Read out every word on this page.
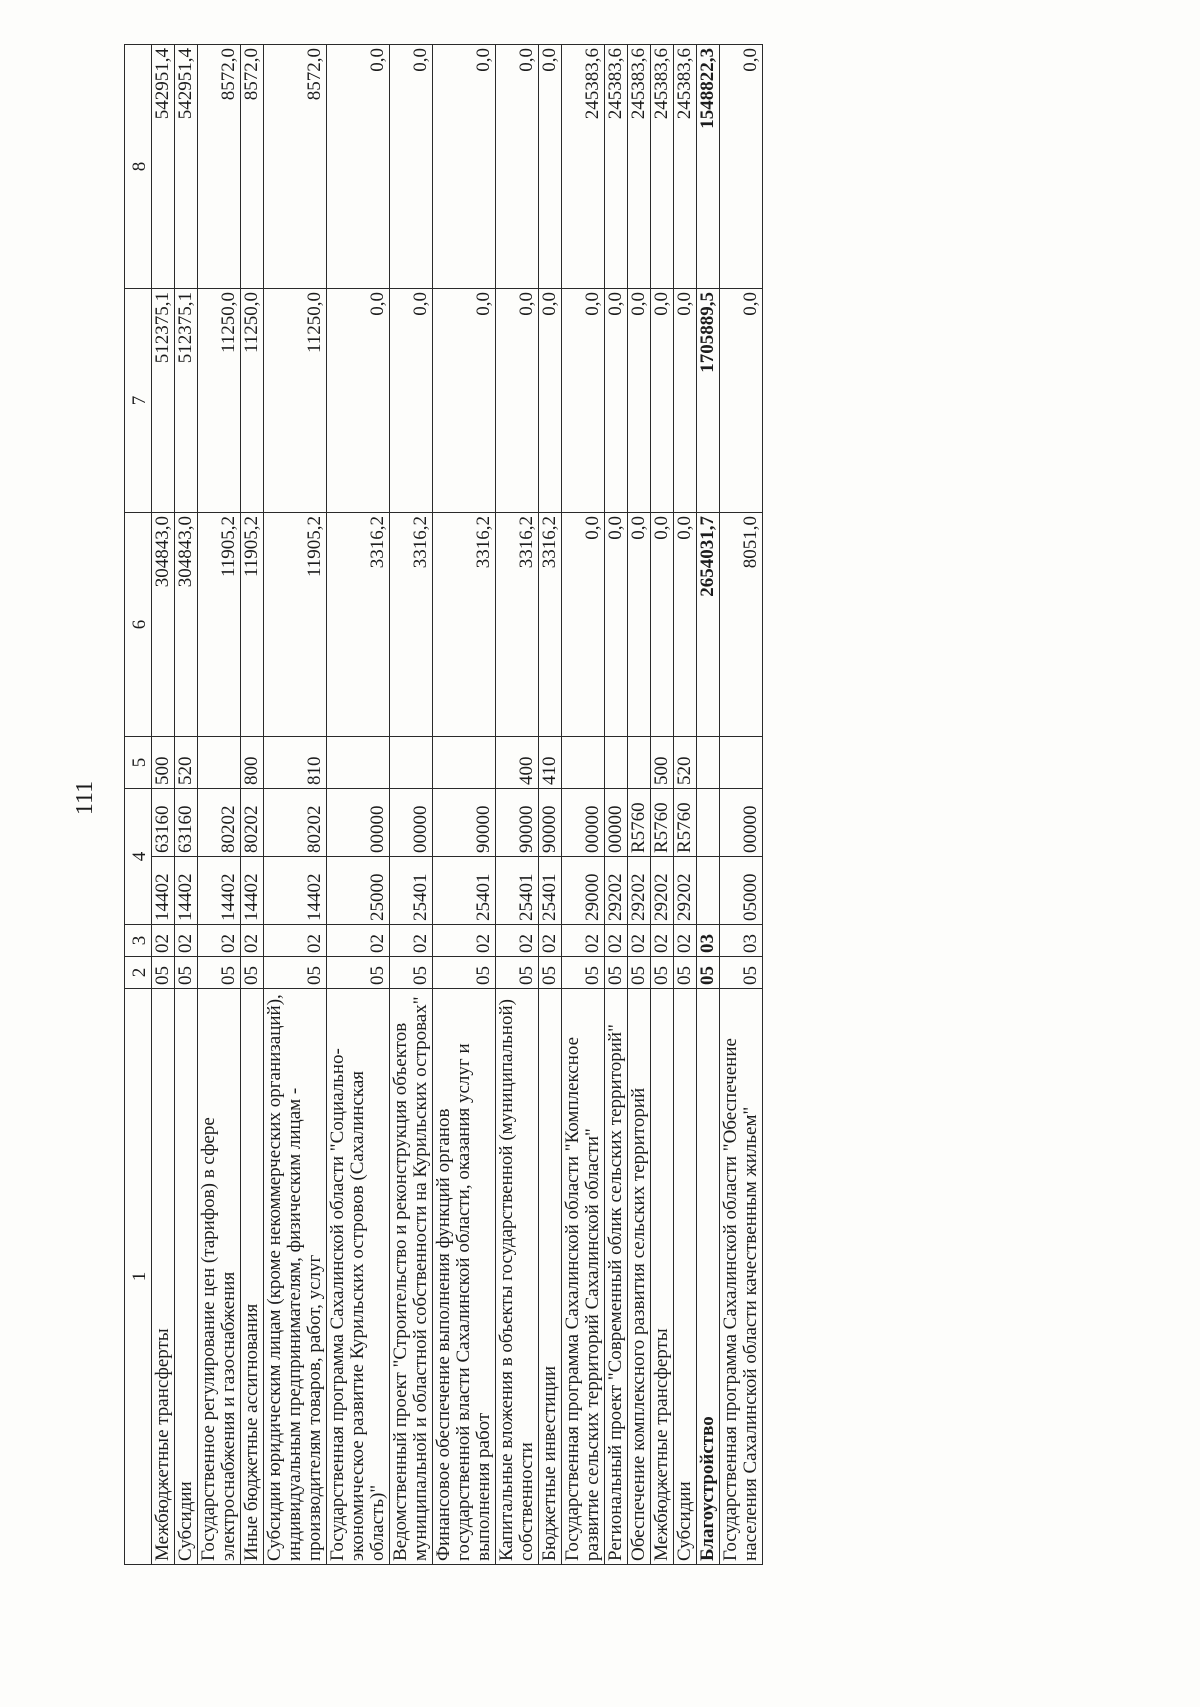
111
1	2	3	4		5	6	7	8
Межбюджетные трансферты	05	02	14402	63160	500	304843,0	512375,1	542951,4
Субсидии	05	02	14402	63160	520	304843,0	512375,1	542951,4
Государственное регулирование цен (тарифов) в сфере электроснабжения и газоснабжения	05	02	14402	80202		11905,2	11250,0	8572,0
Иные бюджетные ассигнования	05	02	14402	80202	800	11905,2	11250,0	8572,0
Субсидии юридическим лицам (кроме некоммерческих организаций), индивидуальным предпринимателям, физическим лицам - производителям товаров, работ, услуг	05	02	14402	80202	810	11905,2	11250,0	8572,0
Государственная программа Сахалинской области "Социально-экономическое развитие Курильских островов (Сахалинская область)"	05	02	25000	00000		3316,2	0,0	0,0
Ведомственный проект "Строительство и реконструкция объектов муниципальной и областной собственности на Курильских островах"	05	02	25401	00000		3316,2	0,0	0,0
Финансовое обеспечение выполнения функций органов государственной власти Сахалинской области, оказания услуг и выполнения работ	05	02	25401	90000		3316,2	0,0	0,0
Капитальные вложения в объекты государственной (муниципальной) собственности	05	02	25401	90000	400	3316,2	0,0	0,0
Бюджетные инвестиции	05	02	25401	90000	410	3316,2	0,0	0,0
Государственная программа Сахалинской области "Комплексное развитие сельских территорий Сахалинской области"	05	02	29000	00000		0,0	0,0	245383,6
Региональный проект "Современный облик сельских территорий"	05	02	29202	00000		0,0	0,0	245383,6
Обеспечение комплексного развития сельских территорий	05	02	29202	R5760		0,0	0,0	245383,6
Межбюджетные трансферты	05	02	29202	R5760	500	0,0	0,0	245383,6
Субсидии	05	02	29202	R5760	520	0,0	0,0	245383,6
Благоустройство	05	03				2654031,7	1705889,5	1548822,3
Государственная программа Сахалинской области "Обеспечение населения Сахалинской области качественным жильем"	05	03	05000	00000		8051,0	0,0	0,0
